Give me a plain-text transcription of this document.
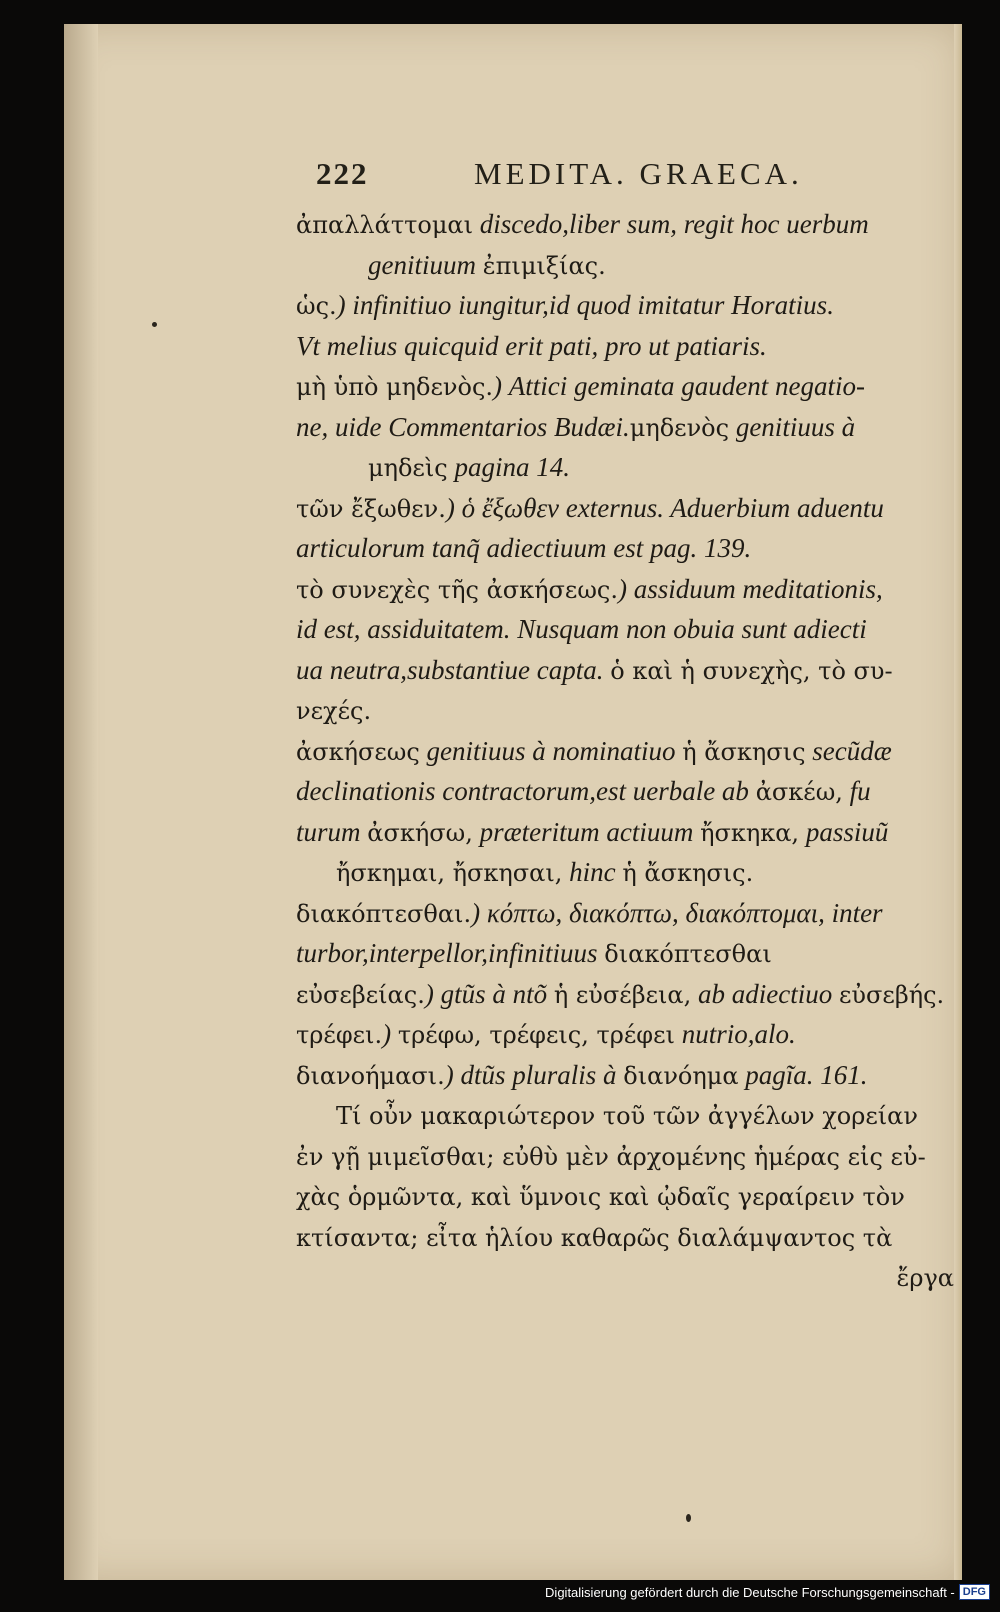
222	MEDITA. GRAECA.
ἀπαλλάττομαι discedo,liber sum, regit hoc uerbum
genitiuum ἐπιμιξίας.
ὡς.) infinitiuo iungitur,id quod imitatur Horatius.
Vt melius quicquid erit pati, pro ut patiaris.
μὴ ὑπὸ μηδενὸς.) Attici geminata gaudent negatio-
ne, uide Commentarios Budæi.μηδενὸς genitiuus à
μηδεὶς pagina 14.
τῶν ἔξωθεν.) ὁ ἔξωθεν externus. Aduerbium aduentu
articulorum tanq̃ adiectiuum est pag. 139.
τὸ συνεχὲς τῆς ἀσκήσεως.) assiduum meditationis,
id est, assiduitatem. Nusquam non obuia sunt adiecti
ua neutra,substantiue capta. ὁ καὶ ἡ συνεχὴς, τὸ συ-
νεχές.
ἀσκήσεως genitiuus à nominatiuo ἡ ἄσκησις secũdæ
declinationis contractorum,est uerbale ab ἀσκέω, fu
turum ἀσκήσω, præteritum actiuum ἤσκηκα, passiuũ
ἤσκημαι, ἤσκησαι, hinc ἡ ἄσκησις.
διακόπτεσθαι.) κόπτω, διακόπτω, διακόπτομαι, inter
turbor,interpellor,infinitiuus διακόπτεσθαι
εὐσεβείας.) gtũs à ntõ ἡ εὐσέβεια, ab adiectiuo εὐσεβής.
τρέφει.) τρέφω, τρέφεις, τρέφει nutrio,alo.
διανοήμασι.) dtũs pluralis à διανόημα pagĩa. 161.
Τί οὖν μακαριώτερον τοῦ τῶν ἀγγέλων χορείαν
ἐν γῇ μιμεῖσθαι; εὐθὺ μὲν ἀρχομένης ἡμέρας εἰς εὐ-
χὰς ὁρμῶντα, καὶ ὕμνοις καὶ ᾠδαῖς γεραίρειν τὸν
κτίσαντα; εἶτα ἡλίου καθαρῶς διαλάμψαντος τὰ
ἔργα
Digitalisierung gefördert durch die Deutsche Forschungsgemeinschaft - DFG
